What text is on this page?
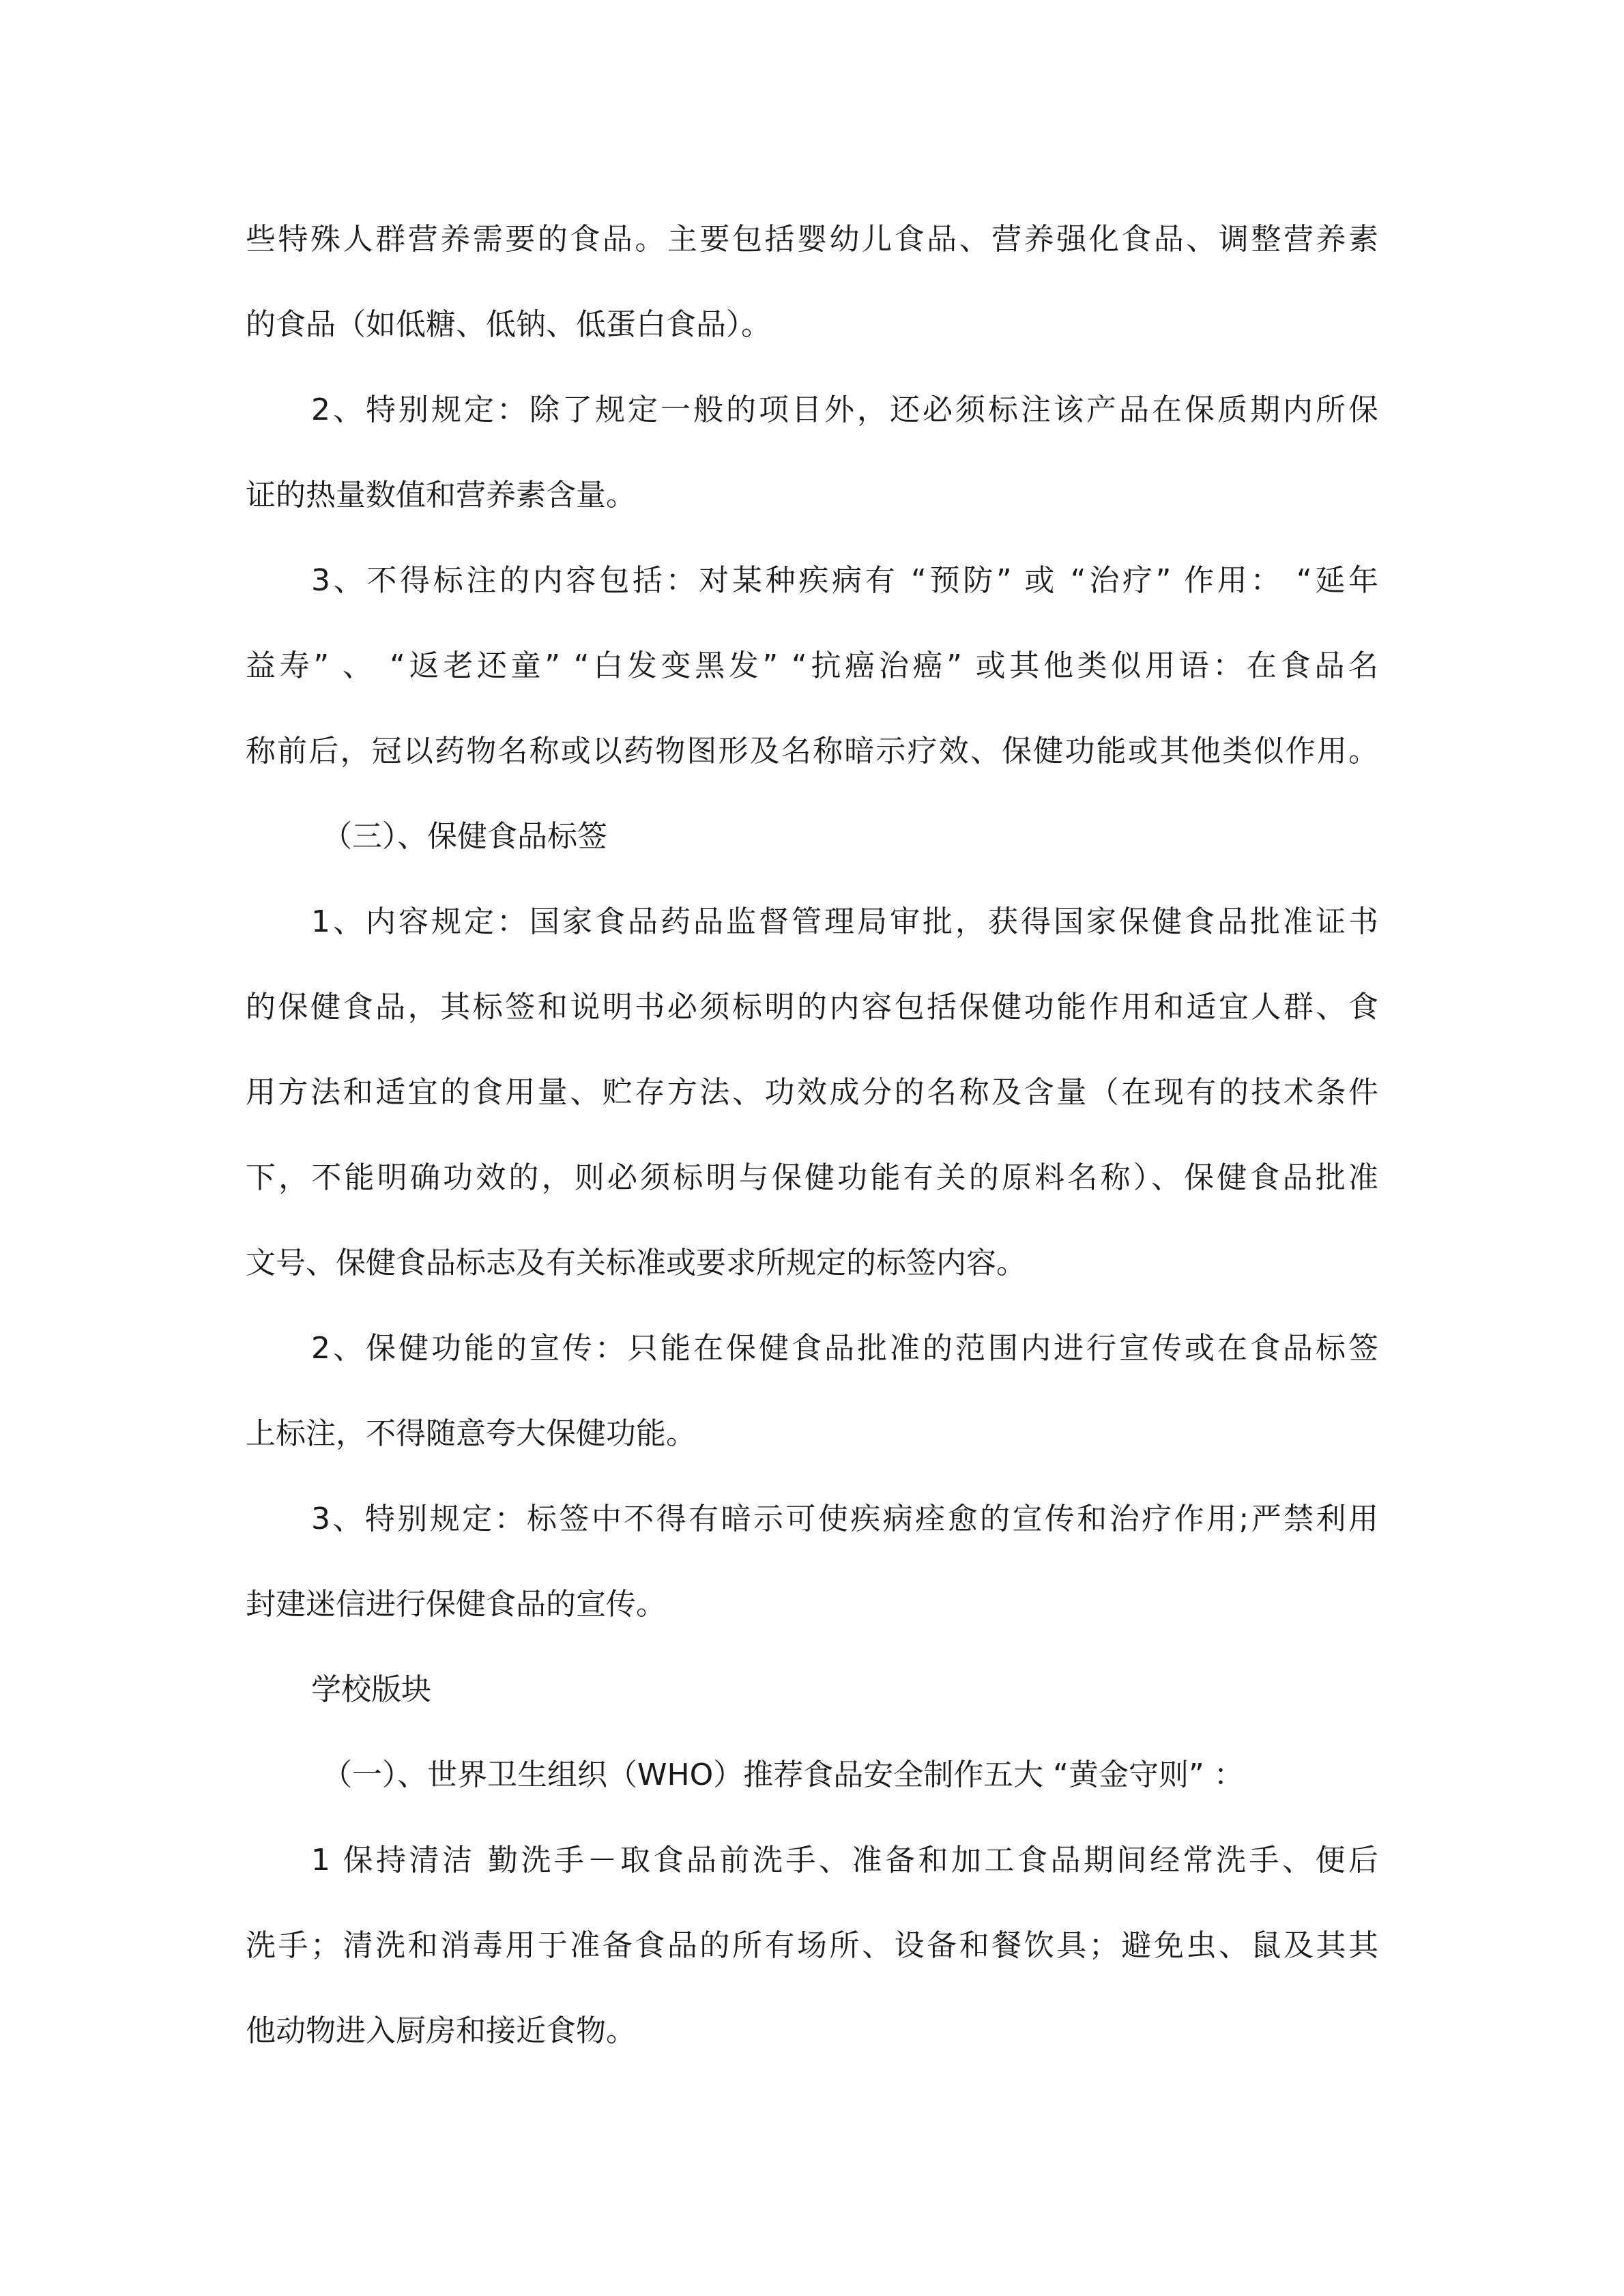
些特殊人群营养需要的食品。主要包括婴幼儿食品、营养强化食品、调整营养素
的食品（如低糖、低钠、低蛋白食品）。
2、特别规定：除了规定一般的项目外，还必须标注该产品在保质期内所保
证的热量数值和营养素含量。
3、不得标注的内容包括：对某种疾病有 “预防” 或 “治疗” 作用： “延年
益寿” 、 “返老还童” “白发变黑发” “抗癌治癌” 或其他类似用语：在食品名
称前后，冠以药物名称或以药物图形及名称暗示疗效、保健功能或其他类似作用。
（三）、保健食品标签
1、内容规定：国家食品药品监督管理局审批，获得国家保健食品批准证书
的保健食品，其标签和说明书必须标明的内容包括保健功能作用和适宜人群、食
用方法和适宜的食用量、贮存方法、功效成分的名称及含量（在现有的技术条件
下，不能明确功效的，则必须标明与保健功能有关的原料名称）、保健食品批准
文号、保健食品标志及有关标准或要求所规定的标签内容。
2、保健功能的宣传：只能在保健食品批准的范围内进行宣传或在食品标签
上标注，不得随意夸大保健功能。
3、特别规定：标签中不得有暗示可使疾病痊愈的宣传和治疗作用;严禁利用
封建迷信进行保健食品的宣传。
学校版块
（一）、世界卫生组织（WHO）推荐食品安全制作五大 “黄金守则” ：
1 保持清洁 勤洗手－取食品前洗手、准备和加工食品期间经常洗手、便后
洗手；清洗和消毒用于准备食品的所有场所、设备和餐饮具；避免虫、鼠及其其
他动物进入厨房和接近食物。
